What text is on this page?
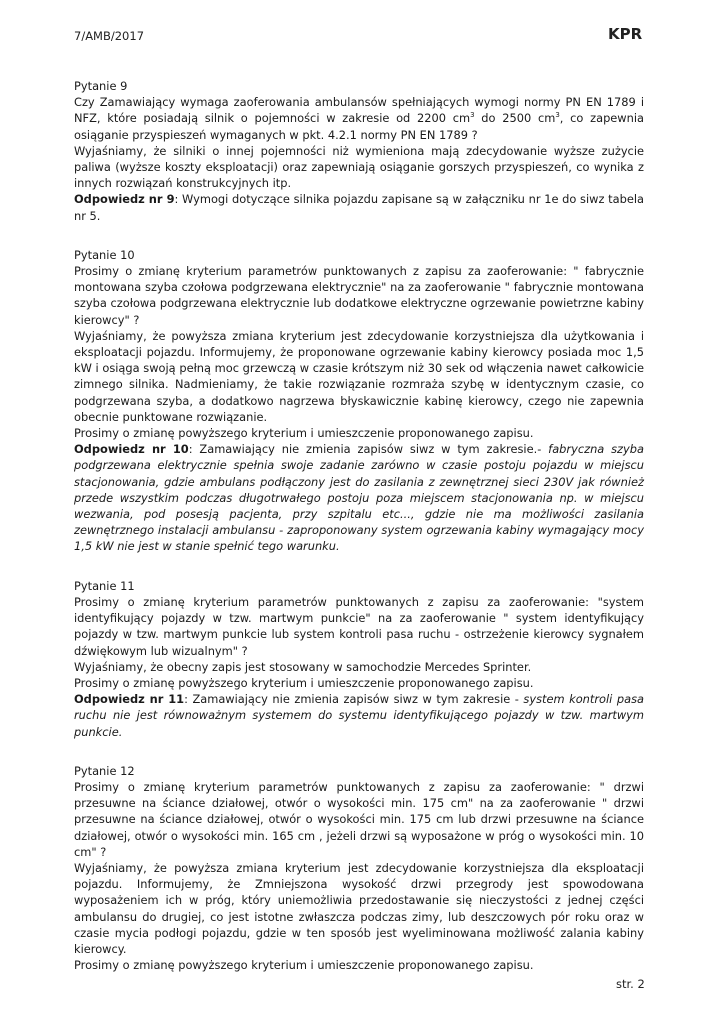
7/AMB/2017	KPR

Pytanie 9

Czy Zamawiający wymaga zaoferowania ambulansów spełniających wymogi normy PN EN 1789 i NFZ, które posiadają silnik o pojemności w zakresie od 2200 $cm^3$ do 2500 $cm^3$, co zapewnia osiąganie przyspieszeń wymaganych w pkt. 4.2.1 normy PN EN 1789 ?

Wyjaśniamy, że silniki o innej pojemności niż wymieniona mają zdecydowanie wyższe zużycie paliwa (wyższe koszty eksploatacji) oraz zapewniają osiąganie gorszych przyspieszeń, co wynika z innych rozwiązań konstrukcyjnych itp.

Odpowiedz nr 9: Wymogi dotyczące silnika pojazdu zapisane są w załączniku nr 1e do siwz tabela nr 5.

Pytanie 10

Prosimy o zmianę kryterium parametrów punktowanych z zapisu za zaoferowanie: " fabrycznie montowana szyba czołowa podgrzewana elektrycznie" na za zaoferowanie " fabrycznie montowana szyba czołowa podgrzewana elektrycznie lub dodatkowe elektryczne ogrzewanie powietrzne kabiny kierowcy" ?

Wyjaśniamy, że powyższa zmiana kryterium jest zdecydowanie korzystniejsza dla użytkowania i eksploatacji pojazdu. Informujemy, że proponowane ogrzewanie kabiny kierowcy posiada moc 1,5 kW i osiąga swoją pełną moc grzewczą w czasie krótszym niż 30 sek od włączenia nawet całkowicie zimnego silnika. Nadmieniamy, że takie rozwiązanie rozmraża szybę w identycznym czasie, co podgrzewana szyba, a dodatkowo nagrzewa błyskawicznie kabinę kierowcy, czego nie zapewnia obecnie punktowane rozwiązanie.

Prosimy o zmianę powyższego kryterium i umieszczenie proponowanego zapisu.

Odpowiedz nr 10: Zamawiający nie zmienia zapisów siwz w tym zakresie.- fabryczna szyba podgrzewana elektrycznie spełnia swoje zadanie zarówno w czasie postoju pojazdu w miejscu stacjonowania, gdzie ambulans podłączony jest do zasilania z zewnętrznej sieci 230V jak również przede wszystkim podczas długotrwałego postoju poza miejscem stacjonowania np. w miejscu wezwania, pod posesją pacjenta, przy szpitalu etc..., gdzie nie ma możliwości zasilania zewnętrznego instalacji ambulansu - zaproponowany system ogrzewania kabiny wymagający mocy 1,5 kW nie jest w stanie spełnić tego warunku.

Pytanie 11

Prosimy o zmianę kryterium parametrów punktowanych z zapisu za zaoferowanie: "system identyfikujący pojazdy w tzw. martwym punkcie" na za zaoferowanie " system identyfikujący pojazdy w tzw. martwym punkcie lub system kontroli pasa ruchu - ostrzeżenie kierowcy sygnałem dźwiękowym lub wizualnym" ?

Wyjaśniamy, że obecny zapis jest stosowany w samochodzie Mercedes Sprinter.

Prosimy o zmianę powyższego kryterium i umieszczenie proponowanego zapisu.

Odpowiedz nr 11: Zamawiający nie zmienia zapisów siwz w tym zakresie - system kontroli pasa ruchu nie jest równoważnym systemem do systemu identyfikującego pojazdy w tzw. martwym punkcie.

Pytanie 12

Prosimy o zmianę kryterium parametrów punktowanych z zapisu za zaoferowanie: " drzwi przesuwne na ściance działowej, otwór o wysokości min. 175 cm" na za zaoferowanie " drzwi przesuwne na ściance działowej, otwór o wysokości min. 175 cm lub drzwi przesuwne na ściance działowej, otwór o wysokości min. 165 cm , jeżeli drzwi są wyposażone w próg o wysokości min. 10 cm" ?

Wyjaśniamy, że powyższa zmiana kryterium jest zdecydowanie korzystniejsza dla eksploatacji pojazdu. Informujemy, że Zmniejszona wysokość drzwi przegrody jest spowodowana wyposażeniem ich w próg, który uniemożliwia przedostawanie się nieczystości z jednej części ambulansu do drugiej, co jest istotne zwłaszcza podczas zimy, lub deszczowych pór roku oraz w czasie mycia podłogi pojazdu, gdzie w ten sposób jest wyeliminowana możliwość zalania kabiny kierowcy.

Prosimy o zmianę powyższego kryterium i umieszczenie proponowanego zapisu.

str. 2
